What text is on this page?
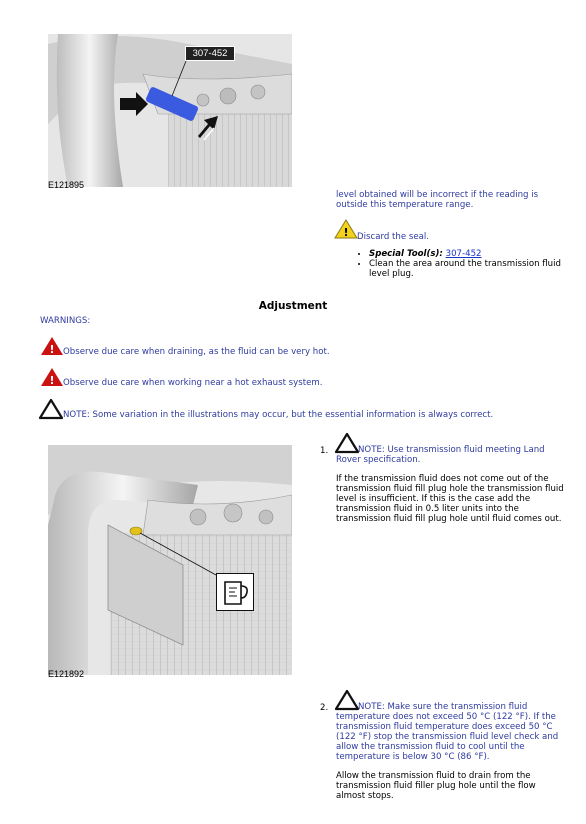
307-452
E121895
level obtained will be incorrect if the reading is outside this temperature range.
! Discard the seal.
• Special Tool(s): 307-452
• Clean the area around the transmission fluid level plug.
Adjustment
WARNINGS:
! Observe due care when draining, as the fluid can be very hot.
! Observe due care when working near a hot exhaust system.
NOTE: Some variation in the illustrations may occur, but the essential information is always correct.
E121892
1.	NOTE: Use transmission fluid meeting Land Rover specification.
If the transmission fluid does not come out of the transmission fluid fill plug hole the transmission fluid level is insufficient. If this is the case add the transmission fluid in 0.5 liter units into the transmission fluid fill plug hole until fluid comes out.
2.	NOTE: Make sure the transmission fluid temperature does not exceed 50 °C (122 °F). If the transmission fluid temperature does exceed 50 °C (122 °F) stop the transmission fluid level check and allow the transmission fluid to cool until the temperature is below 30 °C (86 °F).
Allow the transmission fluid to drain from the transmission fluid filler plug hole until the flow almost stops.
